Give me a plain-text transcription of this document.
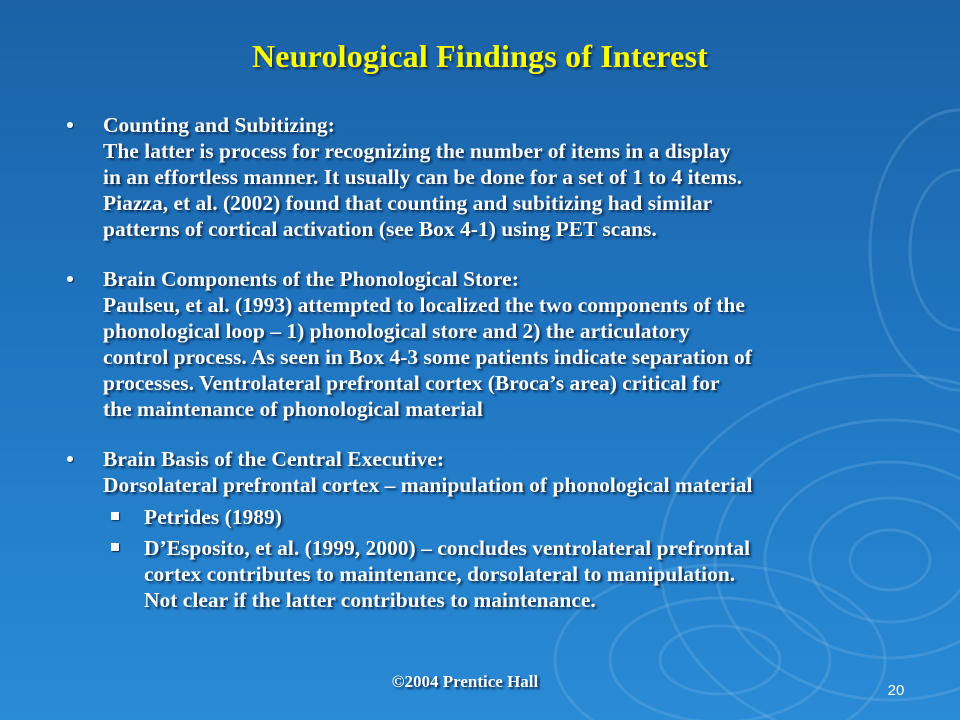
Neurological Findings of Interest
Counting and Subitizing:
The latter is process for recognizing the number of items in a display
in an effortless manner. It usually can be done for a set of 1 to 4 items.
Piazza, et al. (2002) found that counting and subitizing had similar
patterns of cortical activation (see Box 4-1) using PET scans.
Brain Components of the Phonological Store:
Paulseu, et al. (1993) attempted to localized the two components of the
phonological loop – 1) phonological store and 2) the articulatory
control process. As seen in Box 4-3 some patients indicate separation of
processes. Ventrolateral prefrontal cortex (Broca’s area) critical for
the maintenance of phonological material
Brain Basis of the Central Executive:
Dorsolateral prefrontal cortex – manipulation of phonological material
Petrides (1989)
D’Esposito, et al. (1999, 2000) – concludes ventrolateral prefrontal
cortex contributes to maintenance, dorsolateral to manipulation.
Not clear if the latter contributes to maintenance.
©2004 Prentice Hall	20
